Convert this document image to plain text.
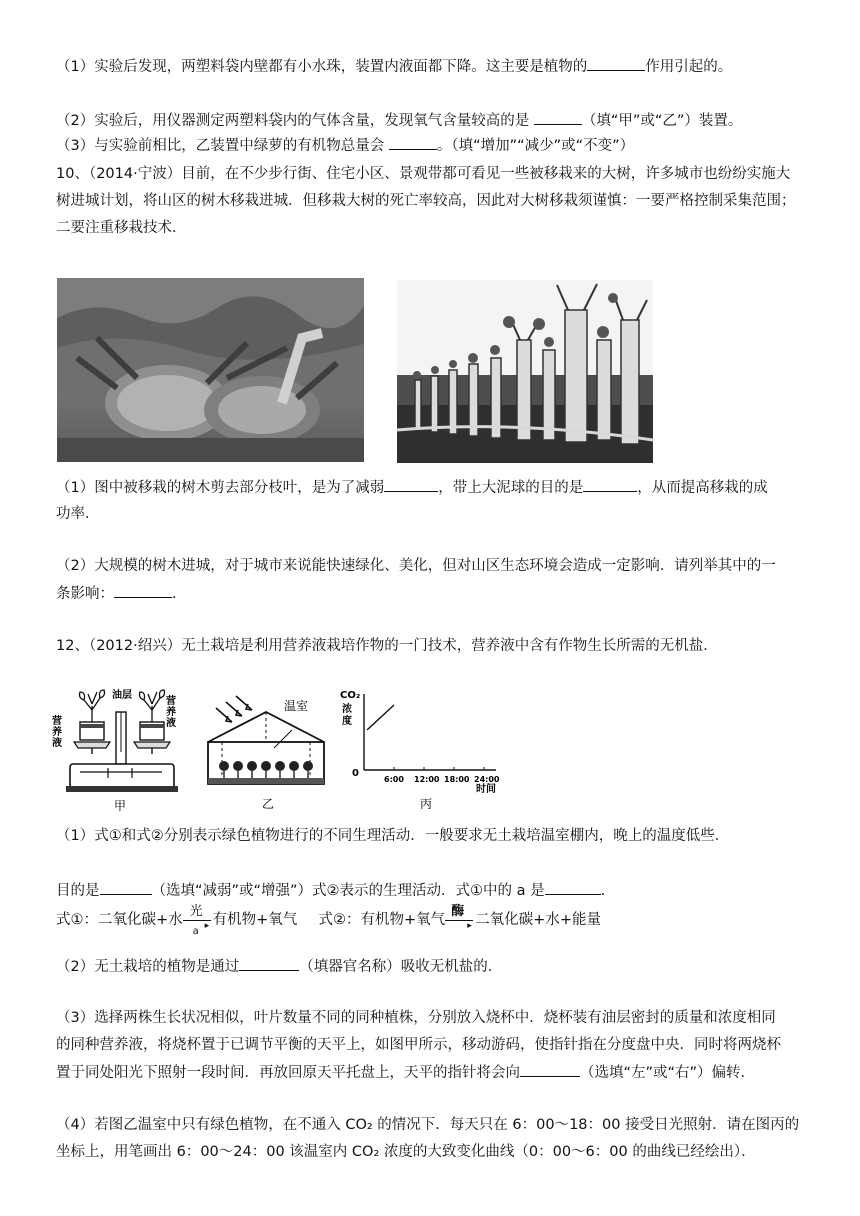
（1）实验后发现，两塑料袋内壁都有小水珠，装置内液面都下降。这主要是植物的	作用引起的。
（2）实验后，用仪器测定两塑料袋内的气体含量，发现氧气含量较高的是	（填“甲”或“乙”）装置。
（3）与实验前相比，乙装置中绿萝的有机物总量会	。（填“增加”“减少”或“不变”）
10、（2014·宁波）目前，在不少步行街、住宅小区、景观带都可看见一些被移栽来的大树，许多城市也纷纷实施大
树进城计划，将山区的树木移栽进城．但移栽大树的死亡率较高，因此对大树移栽须谨慎：一要严格控制采集范围；
二要注重移栽技术．
（1）图中被移栽的树木剪去部分枝叶，是为了减弱	，带上大泥球的目的是	，从而提高移栽的成
功率．
（2）大规模的树木进城，对于城市来说能快速绿化、美化，但对山区生态环境会造成一定影响．请列举其中的一
条影响：	．
12、（2012·绍兴）无土栽培是利用营养液栽培作物的一门技术，营养液中含有作物生长所需的无机盐．
营
养
液
营
养
液
油层
甲
温室
乙
CO₂
浓
度
0
6:00 12:00 18:00 24:00
时间
丙
（1）式①和式②分别表示绿色植物进行的不同生理活动．一般要求无土栽培温室棚内，晚上的温度低些．
目的是	（选填“减弱”或“增强”）式②表示的生理活动．式①中的 a 是	．
式①：二氧化碳+水
光
▸
a
有机物+氧气 式②：有机物+氧气
酶
▸ 二氧化碳+水+能量
（2）无土栽培的植物是通过	（填器官名称）吸收无机盐的．
（3）选择两株生长状况相似，叶片数量不同的同种植株，分别放入烧杯中．烧杯装有油层密封的质量和浓度相同
的同种营养液，将烧杯置于已调节平衡的天平上，如图甲所示，移动游码，使指针指在分度盘中央．同时将两烧杯
置于同处阳光下照射一段时间．再放回原天平托盘上，天平的指针将会向	（选填“左”或“右”）偏转．
（4）若图乙温室中只有绿色植物，在不通入 CO₂ 的情况下．每天只在 6：00～18：00 接受日光照射．请在图丙的
坐标上，用笔画出 6：00～24：00 该温室内 CO₂ 浓度的大致变化曲线（0：00～6：00 的曲线已经绘出）．
